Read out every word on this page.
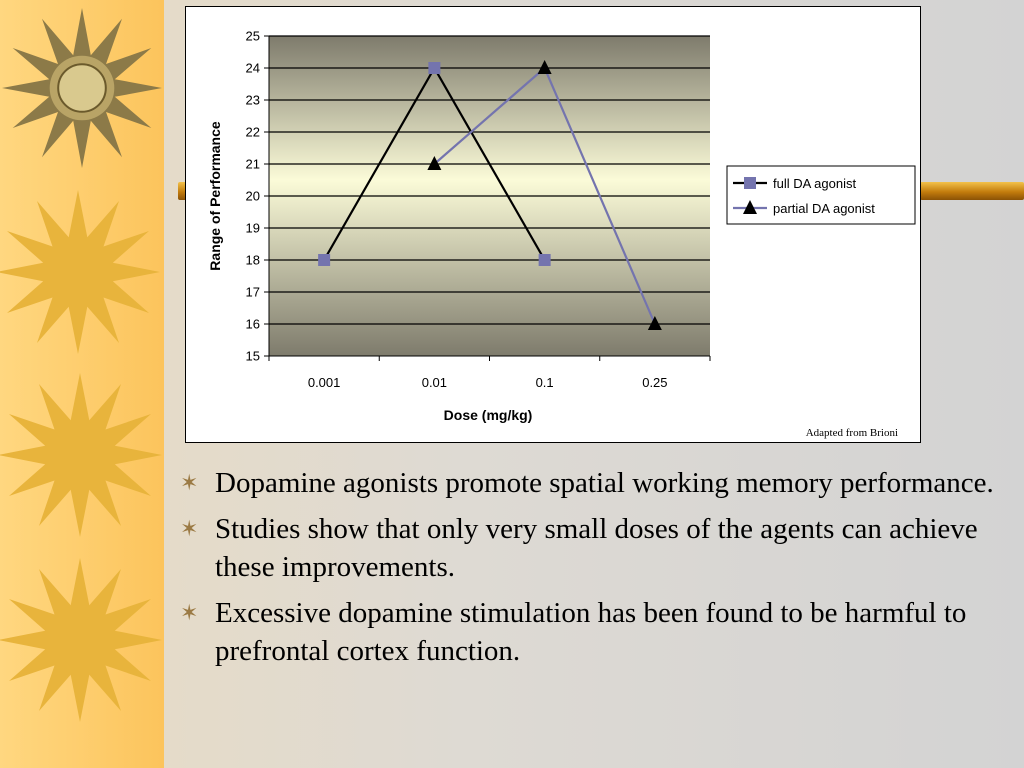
15
16
17
18
19
20
21
22
23
24
25
0.001	0.01	0.1	0.25
full DA agonist
partial DA agonist
Range of Performance
Dose (mg/kg)
Adapted from Brioni
✶ Dopamine agonists promote spatial working memory performance.
✶ Studies show that only very small doses of the agents can achieve these improvements.
✶ Excessive dopamine stimulation has been found to be harmful to prefrontal cortex function.
